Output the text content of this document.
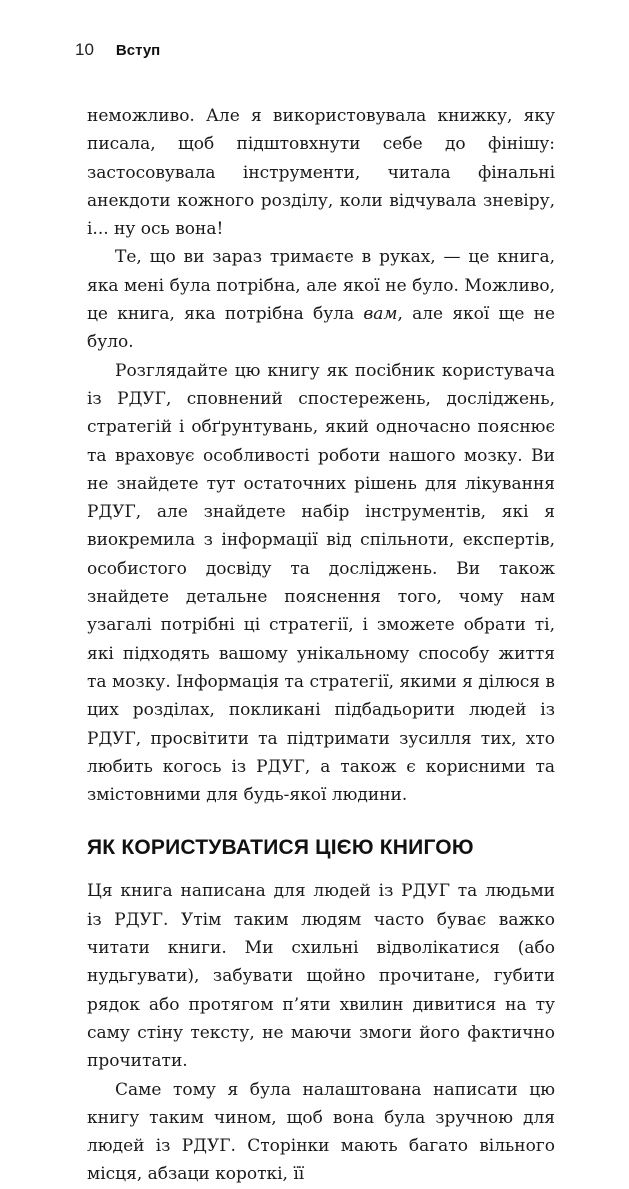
10 Вступ

неможливо. Але я використовувала книжку, яку писала, щоб підштовхнути себе до фінішу: застосовувала інструменти, читала фінальні анекдоти кожного розділу, коли відчувала зневіру, і... ну ось вона!

Те, що ви зараз тримаєте в руках, — це книга, яка мені була потрібна, але якої не було. Можливо, це книга, яка потрібна була вам, але якої ще не було.

Розглядайте цю книгу як посібник користувача із РДУГ, сповнений спостережень, досліджень, стратегій і обґрунтувань, який одночасно пояснює та враховує особливості роботи нашого мозку. Ви не знайдете тут остаточних рішень для лікування РДУГ, але знайдете набір інструментів, які я виокремила з інформації від спільноти, експертів, особистого досвіду та досліджень. Ви також знайдете детальне пояснення того, чому нам узагалі потрібні ці стратегії, і зможете обрати ті, які підходять вашому унікальному способу життя та мозку. Інформація та стратегії, якими я ділюся в цих розділах, покликані підбадьорити людей із РДУГ, просвітити та підтримати зусилля тих, хто любить когось із РДУГ, а також є корисними та змістовними для будь-якої людини.

ЯК КОРИСТУВАТИСЯ ЦІЄЮ КНИГОЮ

Ця книга написана для людей із РДУГ та людьми із РДУГ. Утім таким людям часто буває важко читати книги. Ми схильні відволікатися (або нудьгувати), забувати щойно прочитане, губити рядок або протягом п’яти хвилин дивитися на ту саму стіну тексту, не маючи змоги його фактично прочитати.

Саме тому я була налаштована написати цю книгу таким чином, щоб вона була зручною для людей із РДУГ. Сторінки мають багато вільного місця, абзаци короткі, її
